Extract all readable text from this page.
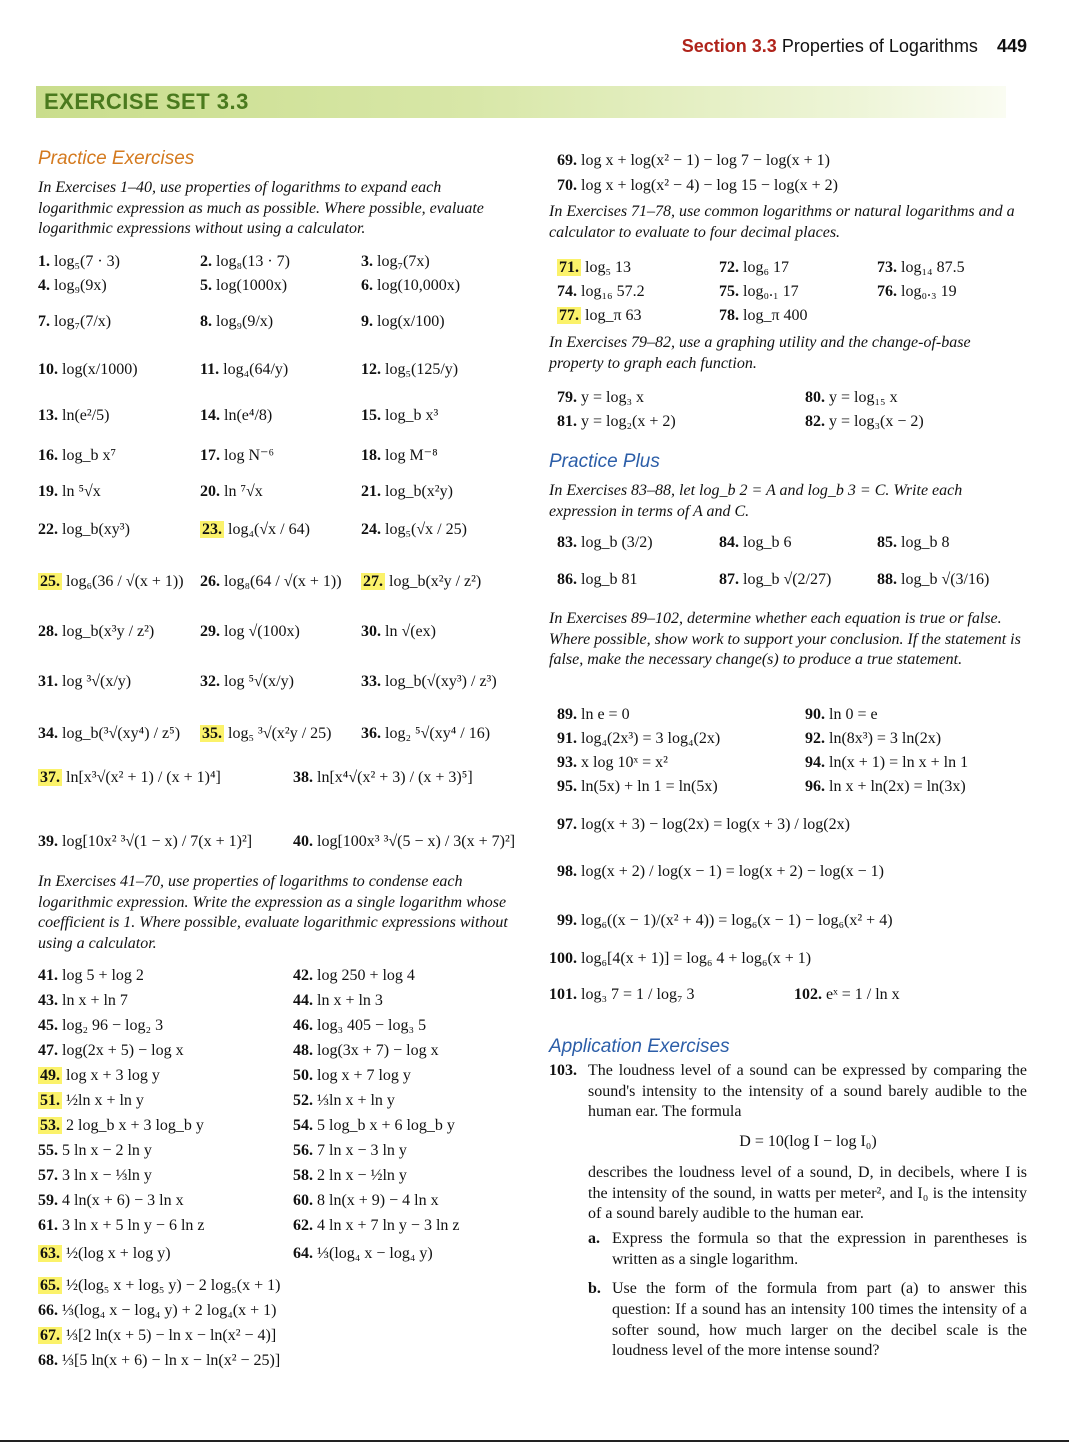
Section 3.3 Properties of Logarithms 449
EXERCISE SET 3.3
Practice Exercises
In Exercises 1–40, use properties of logarithms to expand each logarithmic expression as much as possible. Where possible, evaluate logarithmic expressions without using a calculator.
1. log₅(7 · 3)	2. log₈(13 · 7)	3. log₇(7x)
4. log₉(9x)	5. log(1000x)	6. log(10,000x)
7. log₇(7/x)	8. log₉(9/x)	9. log(x/100)
10. log(x/1000)	11. log₄(64/y)	12. log₅(125/y)
13. ln(e²/5)	14. ln(e⁴/8)	15. log_b x³
16. log_b x⁷	17. log N⁻⁶	18. log M⁻⁸
19. ln ⁵√x	20. ln ⁷√x	21. log_b(x²y)
22. log_b(xy³)	23. log₄(√x / 64)	24. log₅(√x / 25)
25. log₆(36 / √(x + 1)) 26. log₈(64 / √(x + 1)) 27. log_b(x²y / z²)
28. log_b(x³y / z²)	29. log √(100x)	30. ln √(ex)
31. log ³√(x/y)	32. log ⁵√(x/y)	33. log_b(√(xy³) / z³)
34. log_b(³√(xy⁴) / z⁵) 35. log₅ ³√(x²y / 25) 36. log₂ ⁵√(xy⁴ / 16)
37. ln[x³√(x² + 1) / (x + 1)⁴]	38. ln[x⁴√(x² + 3) / (x + 3)⁵]
39. log[10x² ³√(1 − x) / 7(x + 1)²]	40. log[100x³ ³√(5 − x) / 3(x + 7)²]
In Exercises 41–70, use properties of logarithms to condense each logarithmic expression. Write the expression as a single logarithm whose coefficient is 1. Where possible, evaluate logarithmic expressions without using a calculator.
41. log 5 + log 2	42. log 250 + log 4
43. ln x + ln 7	44. ln x + ln 3
45. log₂ 96 − log₂ 3	46. log₃ 405 − log₃ 5
47. log(2x + 5) − log x	48. log(3x + 7) − log x
49. log x + 3 log y	50. log x + 7 log y
51. ½ln x + ln y	52. ⅓ln x + ln y
53. 2 log_b x + 3 log_b y	54. 5 log_b x + 6 log_b y
55. 5 ln x − 2 ln y	56. 7 ln x − 3 ln y
57. 3 ln x − ⅓ln y	58. 2 ln x − ½ln y
59. 4 ln(x + 6) − 3 ln x	60. 8 ln(x + 9) − 4 ln x
61. 3 ln x + 5 ln y − 6 ln z	62. 4 ln x + 7 ln y − 3 ln z
63. ½(log x + log y)	64. ⅓(log₄ x − log₄ y)
65. ½(log₅ x + log₅ y) − 2 log₅(x + 1)
66. ⅓(log₄ x − log₄ y) + 2 log₄(x + 1)
67. ⅓[2 ln(x + 5) − ln x − ln(x² − 4)]
68. ⅓[5 ln(x + 6) − ln x − ln(x² − 25)]
69. log x + log(x² − 1) − log 7 − log(x + 1)
70. log x + log(x² − 4) − log 15 − log(x + 2)
In Exercises 71–78, use common logarithms or natural logarithms and a calculator to evaluate to four decimal places.
71. log₅ 13	72. log₆ 17	73. log₁₄ 87.5
74. log₁₆ 57.2	75. log₀.₁ 17	76. log₀.₃ 19
77. log_π 63	78. log_π 400
In Exercises 79–82, use a graphing utility and the change-of-base property to graph each function.
79. y = log₃ x	80. y = log₁₅ x
81. y = log₂(x + 2)	82. y = log₃(x − 2)
Practice Plus
In Exercises 83–88, let log_b 2 = A and log_b 3 = C. Write each expression in terms of A and C.
83. log_b (3/2)	84. log_b 6	85. log_b 8
86. log_b 81	87. log_b √(2/27)	88. log_b √(3/16)
In Exercises 89–102, determine whether each equation is true or false. Where possible, show work to support your conclusion. If the statement is false, make the necessary change(s) to produce a true statement.
89. ln e = 0	90. ln 0 = e
91. log₄(2x³) = 3 log₄(2x)	92. ln(8x³) = 3 ln(2x)
93. x log 10ˣ = x²	94. ln(x + 1) = ln x + ln 1
95. ln(5x) + ln 1 = ln(5x)	96. ln x + ln(2x) = ln(3x)
97. log(x + 3) − log(2x) = log(x + 3) / log(2x)
98. log(x + 2) / log(x − 1) = log(x + 2) − log(x − 1)
99. log₆((x − 1)/(x² + 4)) = log₆(x − 1) − log₆(x² + 4)
100. log₆[4(x + 1)] = log₆ 4 + log₆(x + 1)
101. log₃ 7 = 1 / log₇ 3	102. eˣ = 1 / ln x
Application Exercises
103. The loudness level of a sound can be expressed by comparing the sound's intensity to the intensity of a sound barely audible to the human ear. The formula
D = 10(log I − log I₀)
describes the loudness level of a sound, D, in decibels, where I is the intensity of the sound, in watts per meter², and I₀ is the intensity of a sound barely audible to the human ear.
a. Express the formula so that the expression in parentheses is written as a single logarithm.
b. Use the form of the formula from part (a) to answer this question: If a sound has an intensity 100 times the intensity of a softer sound, how much larger on the decibel scale is the loudness level of the more intense sound?
